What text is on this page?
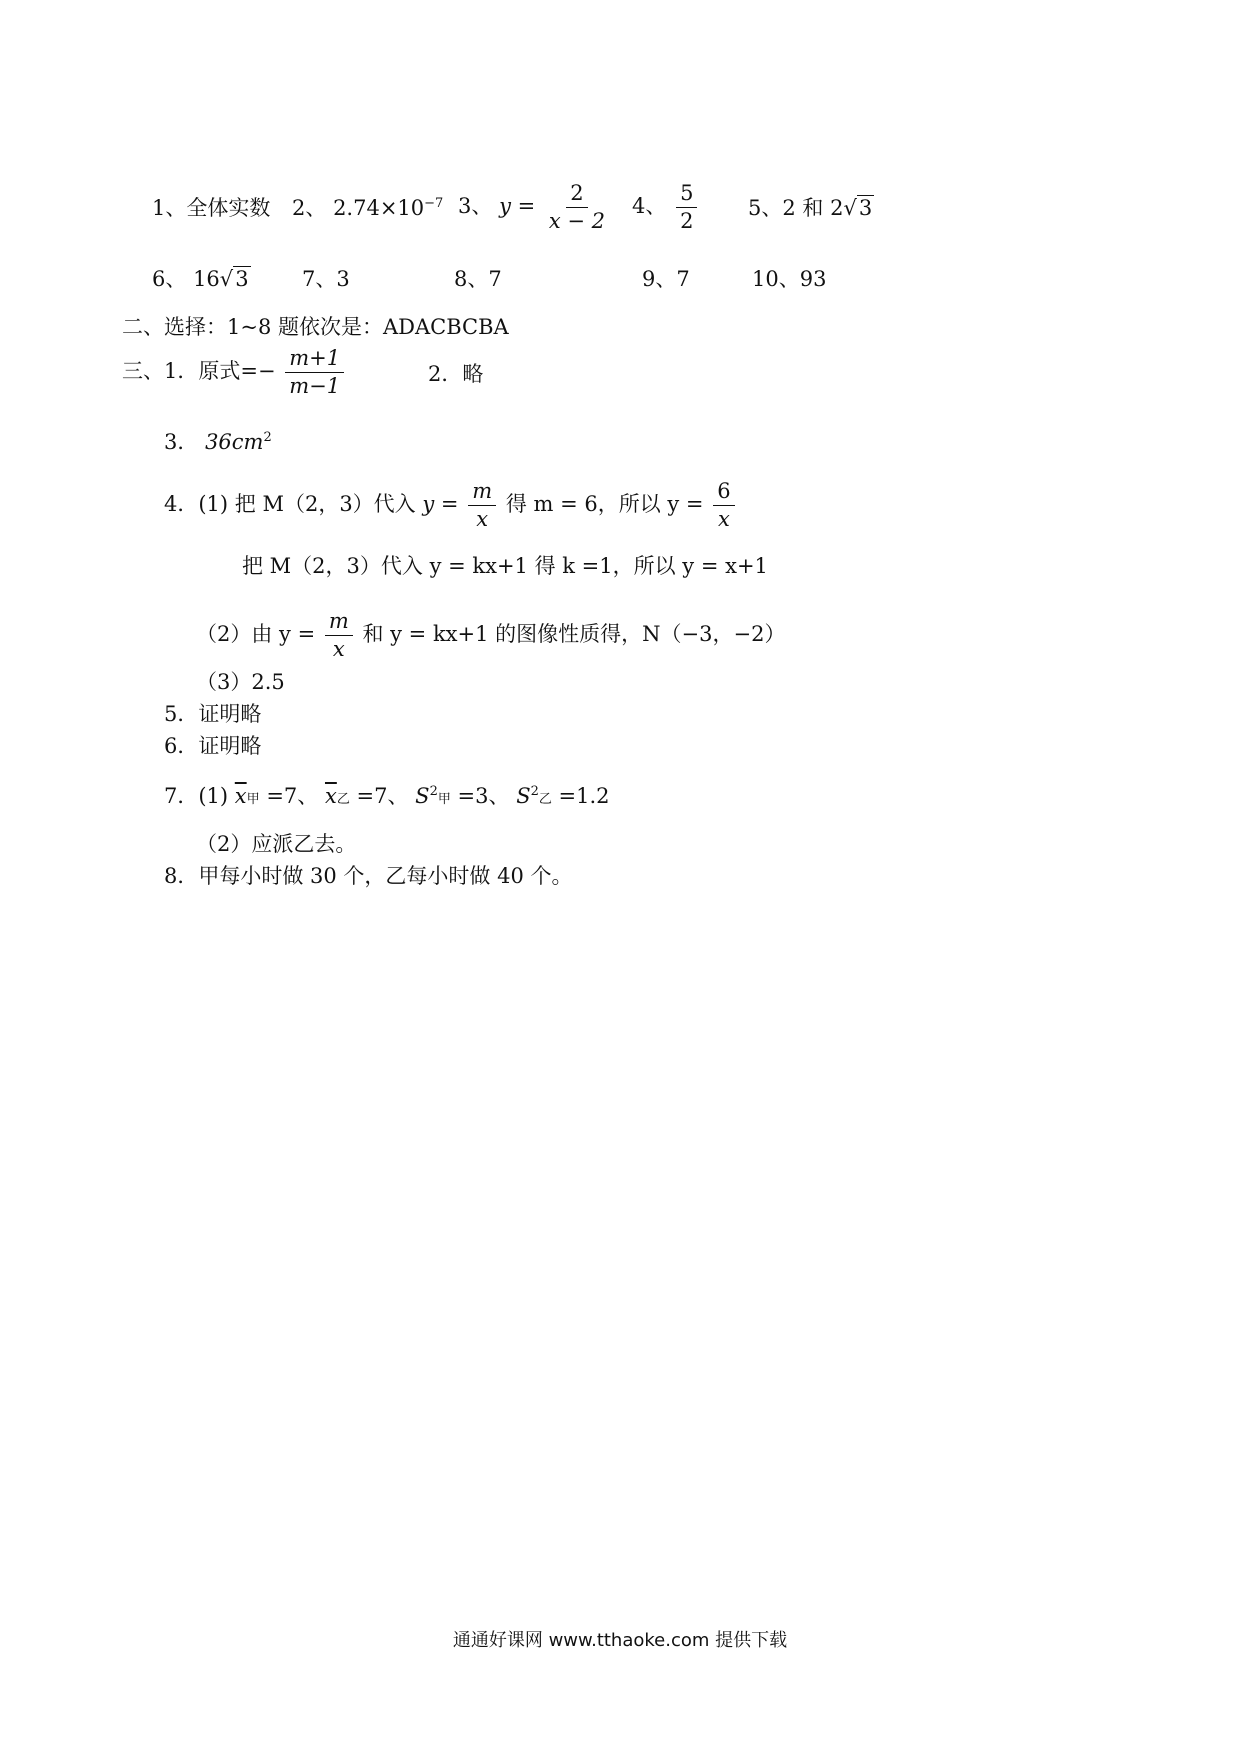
1、全体实数 2、 $2.74\times 10^{-7}$ 3、 $y = \frac{2}{x - 2} 4$、 $\frac{5}{2} 5$、2 和 2√3
6、 16√3	7、3	8、7	9、7	10、93
二、选择：1~8 题依次是：ADACBCBA
三、1．原式=− $\frac{m+1}{m-1}$	2．略
3． $36cm^2$
4．(1) 把 M（2，3）代入 $y = \frac{m}{x}$ 得 m = 6，所以 $y = \frac{6}{x}$
把 M（2，3）代入 y = kx+1 得 k =1，所以 y = x+1
（2）由 $y = \frac{m}{x}$ 和 y = kx+1 的图像性质得，N（−3，−2）
（3）2.5
5．证明略
6．证明略
7．(1) $\overline{x}$甲 =7、 $\overline{x}$乙 =7、 $S^2$甲 =3、 $S^2$乙 =1.2
（2）应派乙去。
8．甲每小时做 30 个，乙每小时做 40 个。
通通好课网 www.tthaoke.com 提供下载
